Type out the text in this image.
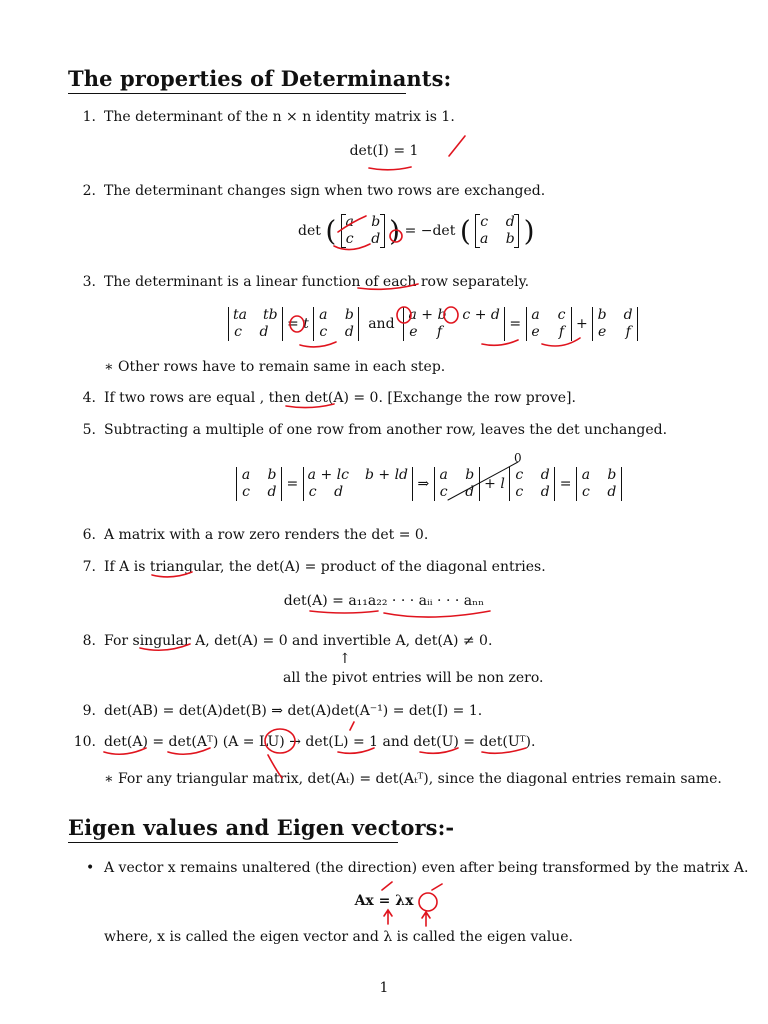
The properties of Determinants:
1. The determinant of the n × n identity matrix is 1.
det(I) = 1
2. The determinant changes sign when two rows are exchanged.
det ( a b
c d ) = −det ( c d
a b )
3. The determinant is a linear function of each row separately.
ta tb
c d = t
a b
c d and
a + b c + d
e f	=
a c
e f +
b d
e f
∗ Other rows have to remain same in each step.
4. If two rows are equal , then det(A) = 0. [Exchange the row prove].
5. Subtracting a multiple of one row from another row, leaves the det unchanged.
a b
c d =
a + lc b + ld
c d	⇒
a b
c d + l
c d
c d =
a b
c d
6. A matrix with a row zero renders the det = 0.
7. If A is triangular, the det(A) = product of the diagonal entries.
det(A) = a₁₁a₂₂ · · · aᵢᵢ · · · aₙₙ
8. For singular A, det(A) = 0 and invertible A, det(A) ≠ 0.
↑
all the pivot entries will be non zero.
9. det(AB) = det(A)det(B) ⇒ det(A)det(A⁻¹) = det(I) = 1.
10. det(A) = det(Aᵀ) (A = LU) → det(L) = 1 and det(U) = det(Uᵀ).
∗ For any triangular matrix, det(Aₜ) = det(Aₜᵀ), since the diagonal entries remain same.
Eigen values and Eigen vectors:-
• A vector x remains unaltered (the direction) even after being transformed by the matrix A.
Ax = λx
where, x is called the eigen vector and λ is called the eigen value.
1
0
